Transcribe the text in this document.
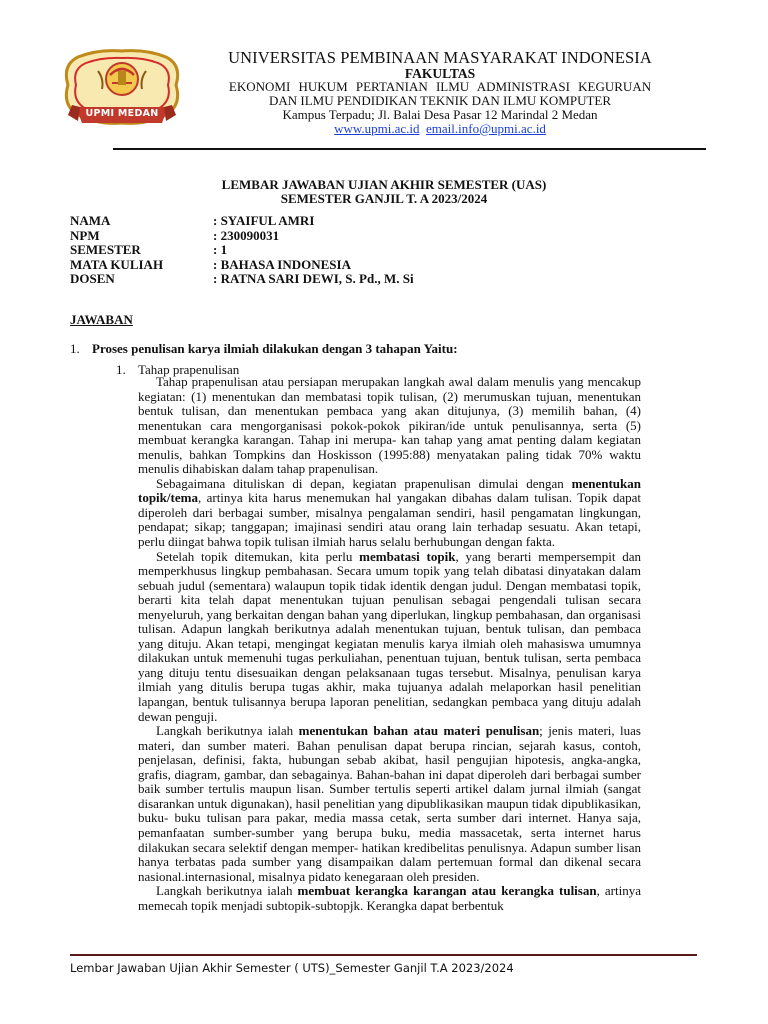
UPMI MEDAN
UNIVERSITAS PEMBINAAN MASYARAKAT INDONESIA
FAKULTAS
EKONOMI HUKUM PERTANIAN ILMU ADMINISTRASI KEGURUAN
DAN ILMU PENDIDIKAN TEKNIK DAN ILMU KOMPUTER
Kampus Terpadu; Jl. Balai Desa Pasar 12 Marindal 2 Medan
www.upmi.ac.id email.info@upmi.ac.id
LEMBAR JAWABAN UJIAN AKHIR SEMESTER (UAS)
SEMESTER GANJIL T. A 2023/2024
NAMA	: SYAIFUL AMRI
NPM	: 230090031
SEMESTER	: 1
MATA KULIAH	: BAHASA INDONESIA
DOSEN	: RATNA SARI DEWI, S. Pd., M. Si
JAWABAN
1. Proses penulisan karya ilmiah dilakukan dengan 3 tahapan Yaitu:
1. Tahap prapenulisan

Tahap prapenulisan atau persiapan merupakan langkah awal dalam menulis yang mencakup kegiatan: (1) menentukan dan membatasi topik tulisan, (2) merumuskan tujuan, menentukan bentuk tulisan, dan menentukan pembaca yang akan ditujunya, (3) memilih bahan, (4) menentukan cara mengorganisasi pokok-pokok pikiran/ide untuk penulisannya, serta (5) membuat kerangka karangan. Tahap ini merupa- kan tahap yang amat penting dalam kegiatan menulis, bahkan Tompkins dan Hoskisson (1995:88) menyatakan paling tidak 70% waktu menulis dihabiskan dalam tahap prapenulisan.

Sebagaimana dituliskan di depan, kegiatan prapenulisan dimulai dengan menentukan topik/tema, artinya kita harus menemukan hal yangakan dibahas dalam tulisan. Topik dapat diperoleh dari berbagai sumber, misalnya pengalaman sendiri, hasil pengamatan lingkungan, pendapat; sikap; tanggapan; imajinasi sendiri atau orang lain terhadap sesuatu. Akan tetapi, perlu diingat bahwa topik tulisan ilmiah harus selalu berhubungan dengan fakta.

Setelah topik ditemukan, kita perlu membatasi topik, yang berarti mempersempit dan memperkhusus lingkup pembahasan. Secara umum topik yang telah dibatasi dinyatakan dalam sebuah judul (sementara) walaupun topik tidak identik dengan judul. Dengan membatasi topik, berarti kita telah dapat menentukan tujuan penulisan sebagai pengendali tulisan secara menyeluruh, yang berkaitan dengan bahan yang diperlukan, lingkup pembahasan, dan organisasi tulisan. Adapun langkah berikutnya adalah menentukan tujuan, bentuk tulisan, dan pembaca yang dituju. Akan tetapi, mengingat kegiatan menulis karya ilmiah oleh mahasiswa umumnya dilakukan untuk memenuhi tugas perkuliahan, penentuan tujuan, bentuk tulisan, serta pembaca yang dituju tentu disesuaikan dengan pelaksanaan tugas tersebut. Misalnya, penulisan karya ilmiah yang ditulis berupa tugas akhir, maka tujuanya adalah melaporkan hasil penelitian lapangan, bentuk tulisannya berupa laporan penelitian, sedangkan pembaca yang dituju adalah dewan penguji.

Langkah berikutnya ialah menentukan bahan atau materi penulisan; jenis materi, luas materi, dan sumber materi. Bahan penulisan dapat berupa rincian, sejarah kasus, contoh, penjelasan, definisi, fakta, hubungan sebab akibat, hasil pengujian hipotesis, angka-angka, grafis, diagram, gambar, dan sebagainya. Bahan-bahan ini dapat diperoleh dari berbagai sumber baik sumber tertulis maupun lisan. Sumber tertulis seperti artikel dalam jurnal ilmiah (sangat disarankan untuk digunakan), hasil penelitian yang dipublikasikan maupun tidak dipublikasikan, buku- buku tulisan para pakar, media massa cetak, serta sumber dari internet. Hanya saja, pemanfaatan sumber-sumber yang berupa buku, media massacetak, serta internet harus dilakukan secara selektif dengan memper- hatikan kredibelitas penulisnya. Adapun sumber lisan hanya terbatas pada sumber yang disampaikan dalam pertemuan formal dan dikenal secara nasional.internasional, misalnya pidato kenegaraan oleh presiden.

Langkah berikutnya ialah membuat kerangka karangan atau kerangka tulisan, artinya memecah topik menjadi subtopik-subtopjk. Kerangka dapat berbentuk

Lembar Jawaban Ujian Akhir Semester ( UTS)_Semester Ganjil T.A 2023/2024
